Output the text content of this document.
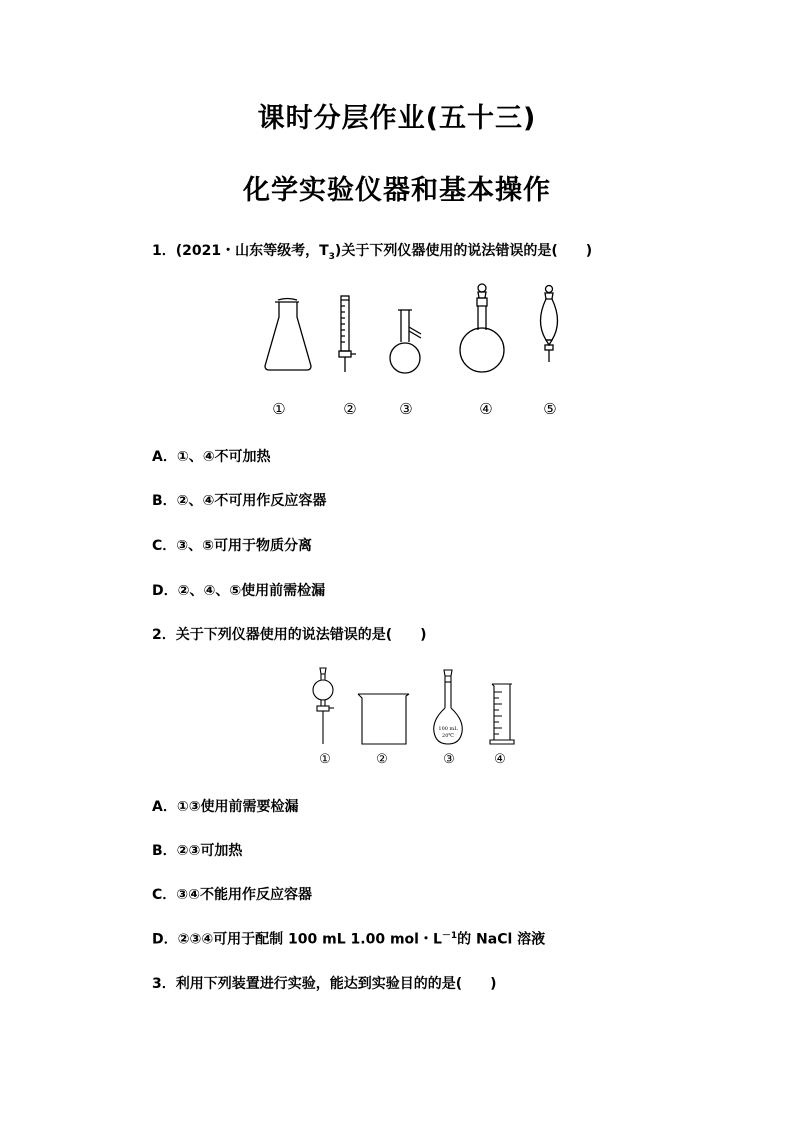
课时分层作业(五十三)
化学实验仪器和基本操作
1．(2021・山东等级考，$T_3$)关于下列仪器使用的说法错误的是(　　)
①	②	③	④	⑤
A．①、④不可加热
B．②、④不可用作反应容器
C．③、⑤可用于物质分离
D．②、④、⑤使用前需检漏
2．关于下列仪器使用的说法错误的是(　　)
100 mL
20℃
①	②	③	④
A．①③使用前需要检漏
B．②③可加热
C．③④不能用作反应容器
D．②③④可用于配制 100 mL 1.00 mol・$L^{-1}$的 NaCl 溶液
3．利用下列装置进行实验，能达到实验目的的是(　　)
